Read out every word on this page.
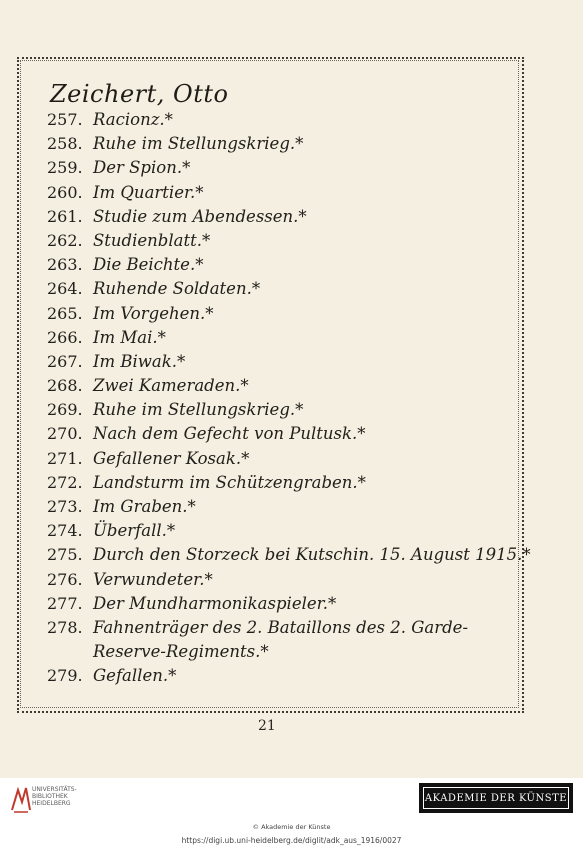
Zeichert, Otto
257. Racionz.*
258. Ruhe im Stellungskrieg.*
259. Der Spion.*
260. Im Quartier.*
261. Studie zum Abendessen.*
262. Studienblatt.*
263. Die Beichte.*
264. Ruhende Soldaten.*
265. Im Vorgehen.*
266. Im Mai.*
267. Im Biwak.*
268. Zwei Kameraden.*
269. Ruhe im Stellungskrieg.*
270. Nach dem Gefecht von Pultusk.*
271. Gefallener Kosak.*
272. Landsturm im Schützengraben.*
273. Im Graben.*
274. Überfall.*
275. Durch den Storzeck bei Kutschin. 15. August 1915.*
276. Verwundeter.*
277. Der Mundharmonikaspieler.*
278. Fahnenträger des 2. Bataillons des 2. Garde-Reserve-Regiments.*
279. Gefallen.*
21
UNIVERSITÄTS-
BIBLIOTHEK
HEIDELBERG	AKADEMIE DER KÜNSTE
© Akademie der Künste
https://digi.ub.uni-heidelberg.de/diglit/adk_aus_1916/0027
